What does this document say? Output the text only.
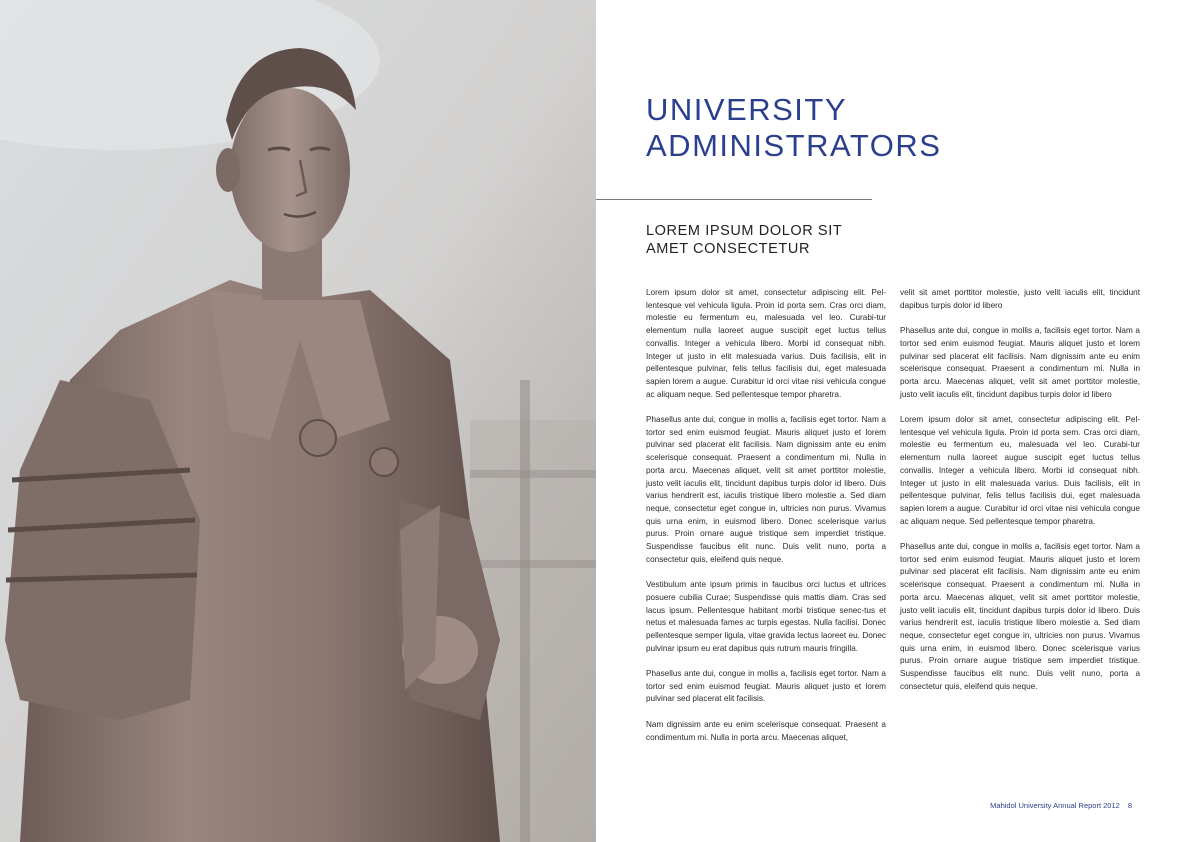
UNIVERSITY
ADMINISTRATORS
LOREM IPSUM DOLOR SIT
AMET CONSECTETUR

Lorem ipsum dolor sit amet, consectetur adipiscing elit. Pel-lentesque vel vehicula ligula. Proin id porta sem. Cras orci diam, molestie eu fermentum eu, malesuada vel leo. Curabi-tur elementum nulla laoreet augue suscipit eget luctus tellus convallis. Integer a vehicula libero. Morbi id consequat nibh. Integer ut justo in elit malesuada varius. Duis facilisis, elit in pellentesque pulvinar, felis tellus facilisis dui, eget malesuada sapien lorem a augue. Curabitur id orci vitae nisi vehicula congue ac aliquam neque. Sed pellentesque tempor pharetra.

Phasellus ante dui, congue in mollis a, facilisis eget tortor. Nam a tortor sed enim euismod feugiat. Mauris aliquet justo et lorem pulvinar sed placerat elit facilisis. Nam dignissim ante eu enim scelerisque consequat. Praesent a condimentum mi. Nulla in porta arcu. Maecenas aliquet, velit sit amet porttitor molestie, justo velit iaculis elit, tincidunt dapibus turpis dolor id libero. Duis varius hendrerit est, iaculis tristique libero molestie a. Sed diam neque, consectetur eget congue in, ultricies non purus. Vivamus quis urna enim, in euismod libero. Donec scelerisque varius purus. Proin ornare augue tristique sem imperdiet tristique. Suspendisse faucibus elit nunc. Duis velit nuno, porta a consectetur quis, eleifend quis neque.

Vestibulum ante ipsum primis in faucibus orci luctus et ultrices posuere cubilia Curae; Suspendisse quis mattis diam. Cras sed lacus ipsum. Pellentesque habitant morbi tristique senec-tus et netus et malesuada fames ac turpis egestas. Nulla facilisi. Donec pellentesque semper ligula, vitae gravida lectus laoreet eu. Donec pulvinar ipsum eu erat dapibus quis rutrum mauris fringilla.

Phasellus ante dui, congue in mollis a, facilisis eget tortor. Nam a tortor sed enim euismod feugiat. Mauris aliquet justo et lorem pulvinar sed placerat elit facilisis.

Nam dignissim ante eu enim scelerisque consequat. Praesent a condimentum mi. Nulla in porta arcu. Maecenas aliquet,

velit sit amet porttitor molestie, justo velit iaculis elit, tincidunt dapibus turpis dolor id libero

Phasellus ante dui, congue in mollis a, facilisis eget tortor. Nam a tortor sed enim euismod feugiat. Mauris aliquet justo et lorem pulvinar sed placerat elit facilisis. Nam dignissim ante eu enim scelerisque consequat. Praesent a condimentum mi. Nulla in porta arcu. Maecenas aliquet, velit sit amet porttitor molestie, justo velit iaculis elit, tincidunt dapibus turpis dolor id libero

Lorem ipsum dolor sit amet, consectetur adipiscing elit. Pel-lentesque vel vehicula ligula. Proin id porta sem. Cras orci diam, molestie eu fermentum eu, malesuada vel leo. Curabi-tur elementum nulla laoreet augue suscipit eget luctus tellus convallis. Integer a vehicula libero. Morbi id consequat nibh. Integer ut justo in elit malesuada varius. Duis facilisis, elit in pellentesque pulvinar, felis tellus facilisis dui, eget malesuada sapien lorem a augue. Curabitur id orci vitae nisi vehicula congue ac aliquam neque. Sed pellentesque tempor pharetra.

Phasellus ante dui, congue in mollis a, facilisis eget tortor. Nam a tortor sed enim euismod feugiat. Mauris aliquet justo et lorem pulvinar sed placerat elit facilisis. Nam dignissim ante eu enim scelerisque consequat. Praesent a condimentum mi. Nulla in porta arcu. Maecenas aliquet, velit sit amet porttitor molestie, justo velit iaculis elit, tincidunt dapibus turpis dolor id libero. Duis varius hendrerit est, iaculis tristique libero molestie a. Sed diam neque, consectetur eget congue in, ultricies non purus. Vivamus quis urna enim, in euismod libero. Donec scelerisque varius purus. Proin ornare augue tristique sem imperdiet tristique. Suspendisse faucibus elit nunc. Duis velit nuno, porta a consectetur quis, eleifend quis neque.

Mahidol University Annual Report 2012 8
